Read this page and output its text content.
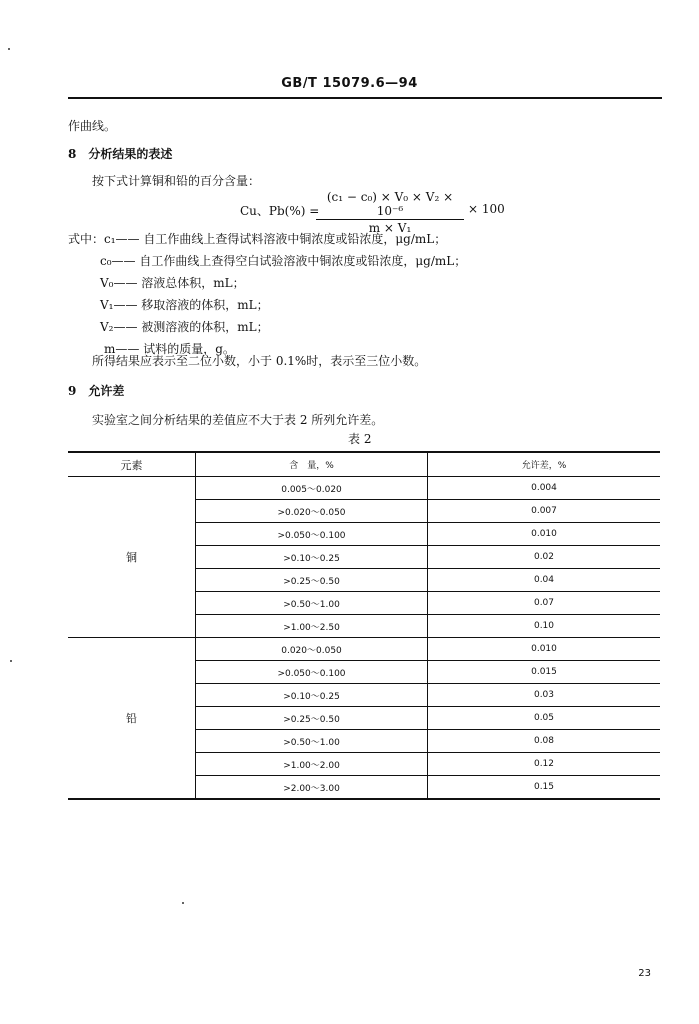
GB/T 15079.6—94
作曲线。
8　分析结果的表述
按下式计算铜和铅的百分含量：
Cu、Pb(%) =
(c₁ − c₀) × V₀ × V₂ × 10⁻⁶
m × V₁
× 100
式中：c₁—— 自工作曲线上查得试料溶液中铜浓度或铅浓度，μg/mL；
c₀—— 自工作曲线上查得空白试验溶液中铜浓度或铅浓度，μg/mL；
V₀—— 溶液总体积，mL；
V₁—— 移取溶液的体积，mL；
V₂—— 被测溶液的体积，mL；
m—— 试料的质量，g。
所得结果应表示至二位小数，小于 0.1%时，表示至三位小数。
9　允许差
实验室之间分析结果的差值应不大于表 2 所列允许差。
表 2
元素	含　量，%	允许差，%
铜	0.005～0.020	0.004
	>0.020～0.050	0.007
	>0.050～0.100	0.010
	>0.10～0.25	0.02
	>0.25～0.50	0.04
	>0.50～1.00	0.07
	>1.00～2.50	0.10
铅	0.020～0.050	0.010
	>0.050～0.100	0.015
	>0.10～0.25	0.03
	>0.25～0.50	0.05
	>0.50～1.00	0.08
	>1.00～2.00	0.12
	>2.00～3.00	0.15
23
